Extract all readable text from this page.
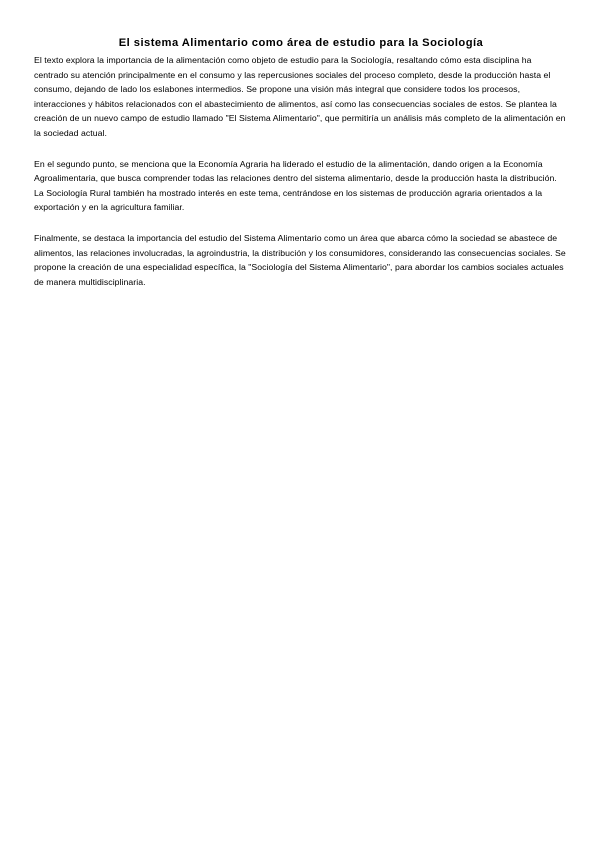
El sistema Alimentario como área de estudio para la Sociología

El texto explora la importancia de la alimentación como objeto de estudio para la Sociología, resaltando cómo esta disciplina ha centrado su atención principalmente en el consumo y las repercusiones sociales del proceso completo, desde la producción hasta el consumo, dejando de lado los eslabones intermedios. Se propone una visión más integral que considere todos los procesos, interacciones y hábitos relacionados con el abastecimiento de alimentos, así como las consecuencias sociales de estos. Se plantea la creación de un nuevo campo de estudio llamado "El Sistema Alimentario", que permitiría un análisis más completo de la alimentación en la sociedad actual.

En el segundo punto, se menciona que la Economía Agraria ha liderado el estudio de la alimentación, dando origen a la Economía Agroalimentaria, que busca comprender todas las relaciones dentro del sistema alimentario, desde la producción hasta la distribución. La Sociología Rural también ha mostrado interés en este tema, centrándose en los sistemas de producción agraria orientados a la exportación y en la agricultura familiar.

Finalmente, se destaca la importancia del estudio del Sistema Alimentario como un área que abarca cómo la sociedad se abastece de alimentos, las relaciones involucradas, la agroindustria, la distribución y los consumidores, considerando las consecuencias sociales. Se propone la creación de una especialidad específica, la "Sociología del Sistema Alimentario", para abordar los cambios sociales actuales de manera multidisciplinaria.
